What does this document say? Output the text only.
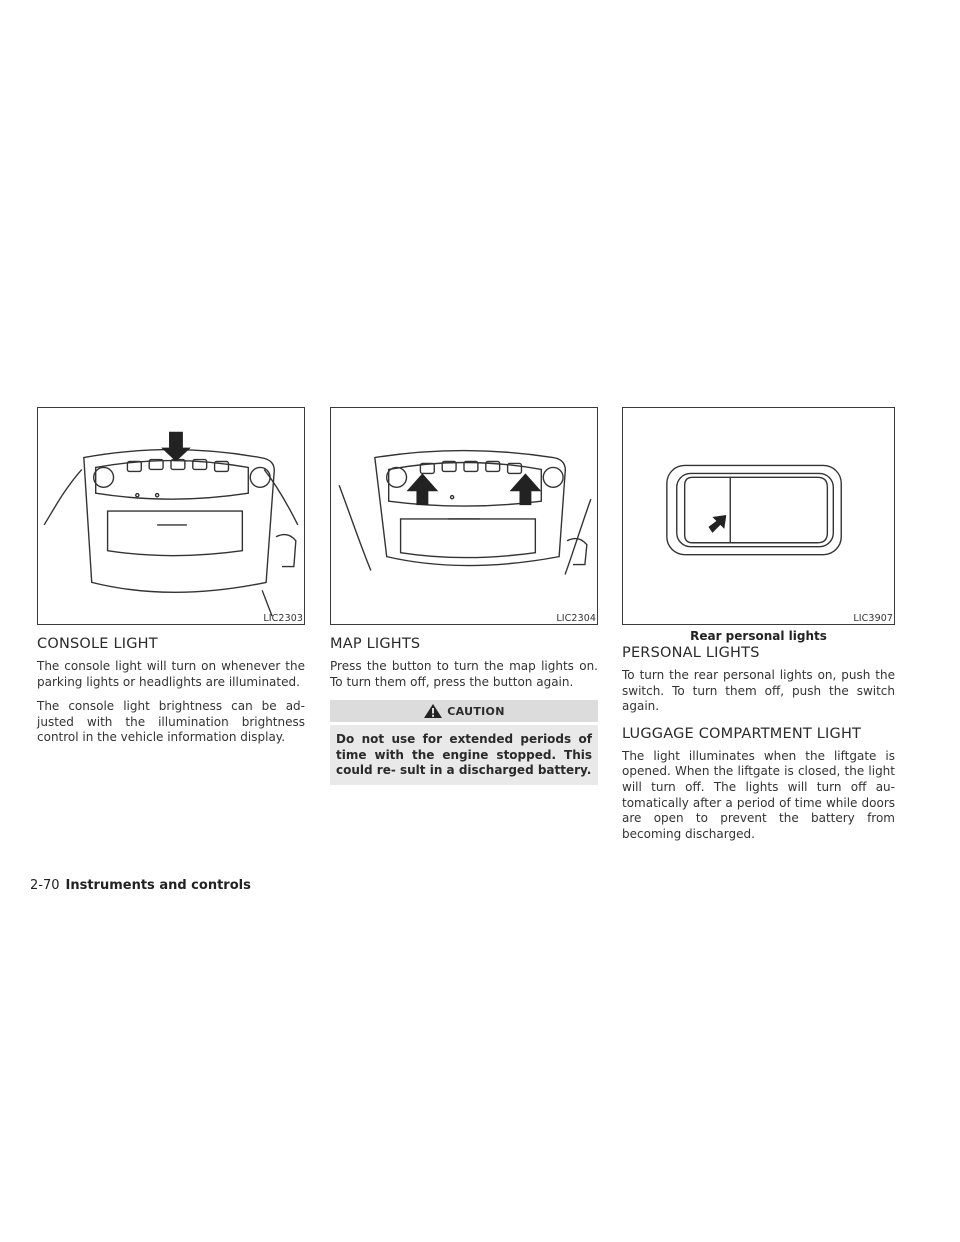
LIC2303
CONSOLE LIGHT

The console light will turn on whenever the parking lights or headlights are illuminated.

The console light brightness can be ad- justed with the illumination brightness control in the vehicle information display.

LIC2304
MAP LIGHTS

Press the button to turn the map lights on. To turn them off, press the button again.

CAUTION
Do not use for extended periods of time with the engine stopped. This could re- sult in a discharged battery.
LIC3907
Rear personal lights
PERSONAL LIGHTS

To turn the rear personal lights on, push the switch. To turn them off, push the switch again.

LUGGAGE COMPARTMENT LIGHT

The light illuminates when the liftgate is opened. When the liftgate is closed, the light will turn off. The lights will turn off au- tomatically after a period of time while doors are open to prevent the battery from becoming discharged.

2-70 Instruments and controls
